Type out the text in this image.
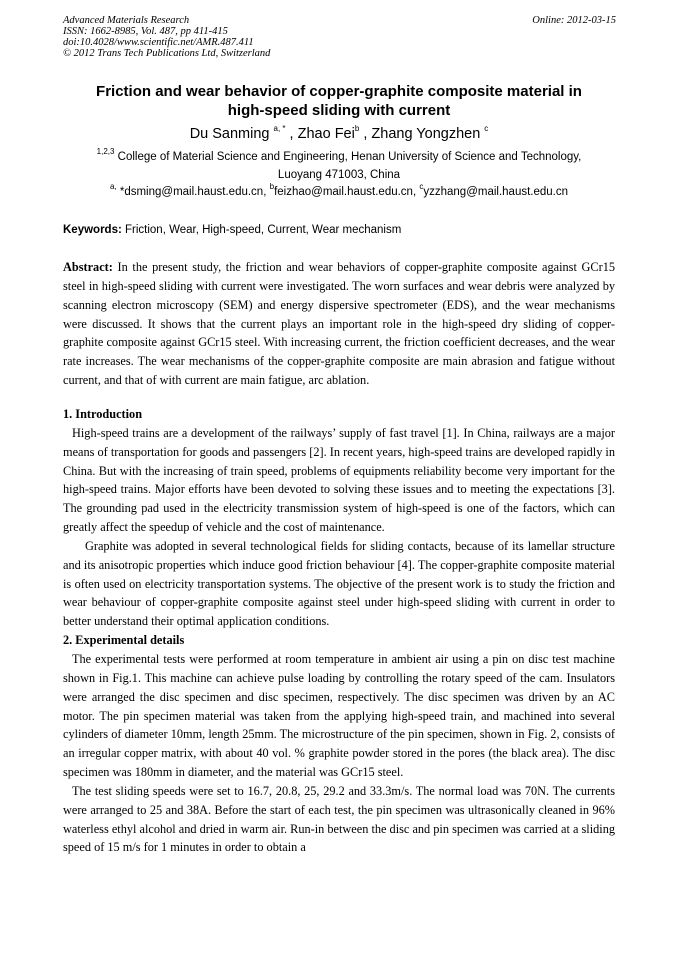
Advanced Materials Research
ISSN: 1662-8985, Vol. 487, pp 411-415
doi:10.4028/www.scientific.net/AMR.487.411
© 2012 Trans Tech Publications Ltd, Switzerland
Online: 2012-03-15
Friction and wear behavior of copper-graphite composite material in
high-speed sliding with current
Du Sanming $^{a, *}$ , Zhao Fei$^b$ , Zhang Yongzhen $^c$
$^{1,2,3}$ College of Material Science and Engineering, Henan University of Science and Technology,
Luoyang 471003, China
$^{a,}$ *dsming@mail.haust.edu.cn, $^b$feizhao@mail.haust.edu.cn, $^c$yzzhang@mail.haust.edu.cn
Keywords: Friction, Wear, High-speed, Current, Wear mechanism

Abstract: In the present study, the friction and wear behaviors of copper-graphite composite against GCr15 steel in high-speed sliding with current were investigated. The worn surfaces and wear debris were analyzed by scanning electron microscopy (SEM) and energy dispersive spectrometer (EDS), and the wear mechanisms were discussed. It shows that the current plays an important role in the high-speed dry sliding of copper-graphite composite against GCr15 steel. With increasing current, the friction coefficient decreases, and the wear rate increases. The wear mechanisms of the copper-graphite composite are main abrasion and fatigue without current, and that of with current are main fatigue, arc ablation.

1. Introduction

High-speed trains are a development of the railways’ supply of fast travel [1]. In China, railways are a major means of transportation for goods and passengers [2]. In recent years, high-speed trains are developed rapidly in China. But with the increasing of train speed, problems of equipments reliability become very important for the high-speed trains. Major efforts have been devoted to solving these issues and to meeting the expectations [3]. The grounding pad used in the electricity transmission system of high-speed is one of the factors, which can greatly affect the speedup of vehicle and the cost of maintenance.

Graphite was adopted in several technological fields for sliding contacts, because of its lamellar structure and its anisotropic properties which induce good friction behaviour [4]. The copper-graphite composite material is often used on electricity transportation systems. The objective of the present work is to study the friction and wear behaviour of copper-graphite composite against steel under high-speed sliding with current in order to better understand their optimal application conditions.

2. Experimental details

The experimental tests were performed at room temperature in ambient air using a pin on disc test machine shown in Fig.1. This machine can achieve pulse loading by controlling the rotary speed of the cam. Insulators were arranged the disc specimen and disc specimen, respectively. The disc specimen was driven by an AC motor. The pin specimen material was taken from the applying high-speed train, and machined into several cylinders of diameter 10mm, length 25mm. The microstructure of the pin specimen, shown in Fig. 2, consists of an irregular copper matrix, with about 40 vol. % graphite powder stored in the pores (the black area). The disc specimen was 180mm in diameter, and the material was GCr15 steel.

The test sliding speeds were set to 16.7, 20.8, 25, 29.2 and 33.3m/s. The normal load was 70N. The currents were arranged to 25 and 38A. Before the start of each test, the pin specimen was ultrasonically cleaned in 96% waterless ethyl alcohol and dried in warm air. Run-in between the disc and pin specimen was carried at a sliding speed of 15 m/s for 1 minutes in order to obtain a
